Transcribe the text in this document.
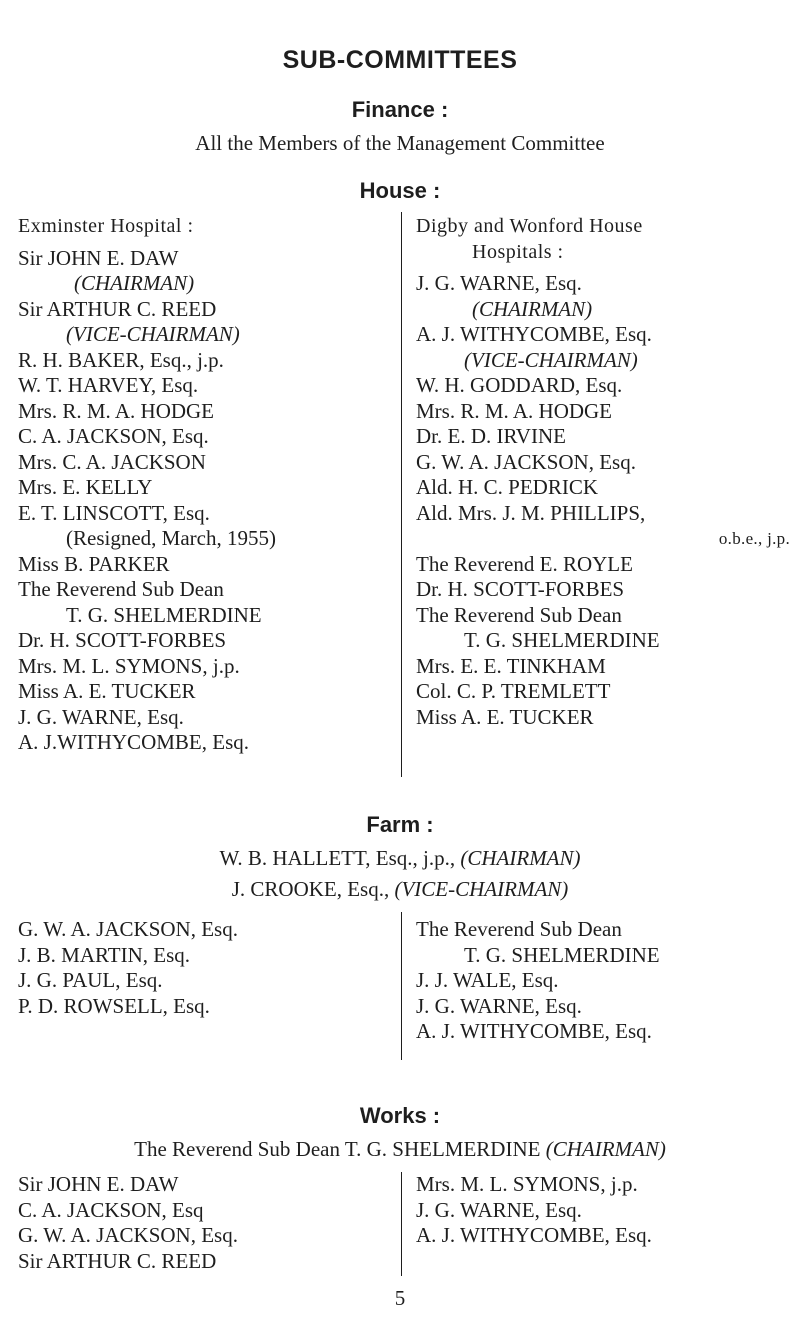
SUB-COMMITTEES
Finance :
All the Members of the Management Committee
House :
Exminster Hospital :
Sir JOHN E. DAW
(CHAIRMAN)
Sir ARTHUR C. REED
(VICE-CHAIRMAN)
R. H. BAKER, Esq., j.p.
W. T. HARVEY, Esq.
Mrs. R. M. A. HODGE
C. A. JACKSON, Esq.
Mrs. C. A. JACKSON
Mrs. E. KELLY
E. T. LINSCOTT, Esq.
(Resigned, March, 1955)
Miss B. PARKER
The Reverend Sub Dean
T. G. SHELMERDINE
Dr. H. SCOTT-FORBES
Mrs. M. L. SYMONS, j.p.
Miss A. E. TUCKER
J. G. WARNE, Esq.
A. J.WITHYCOMBE, Esq.
Digby and Wonford House
Hospitals :
J. G. WARNE, Esq.
(CHAIRMAN)
A. J. WITHYCOMBE, Esq.
(VICE-CHAIRMAN)
W. H. GODDARD, Esq.
Mrs. R. M. A. HODGE
Dr. E. D. IRVINE
G. W. A. JACKSON, Esq.
Ald. H. C. PEDRICK
Ald. Mrs. J. M. PHILLIPS,
o.b.e., j.p.
The Reverend E. ROYLE
Dr. H. SCOTT-FORBES
The Reverend Sub Dean
T. G. SHELMERDINE
Mrs. E. E. TINKHAM
Col. C. P. TREMLETT
Miss A. E. TUCKER
Farm :
W. B. HALLETT, Esq., j.p., (CHAIRMAN)
J. CROOKE, Esq., (VICE-CHAIRMAN)
G. W. A. JACKSON, Esq.
J. B. MARTIN, Esq.
J. G. PAUL, Esq.
P. D. ROWSELL, Esq.
The Reverend Sub Dean
T. G. SHELMERDINE
J. J. WALE, Esq.
J. G. WARNE, Esq.
A. J. WITHYCOMBE, Esq.
Works :
The Reverend Sub Dean T. G. SHELMERDINE (CHAIRMAN)
Sir JOHN E. DAW
C. A. JACKSON, Esq
G. W. A. JACKSON, Esq.
Sir ARTHUR C. REED
Mrs. M. L. SYMONS, j.p.
J. G. WARNE, Esq.
A. J. WITHYCOMBE, Esq.
5
